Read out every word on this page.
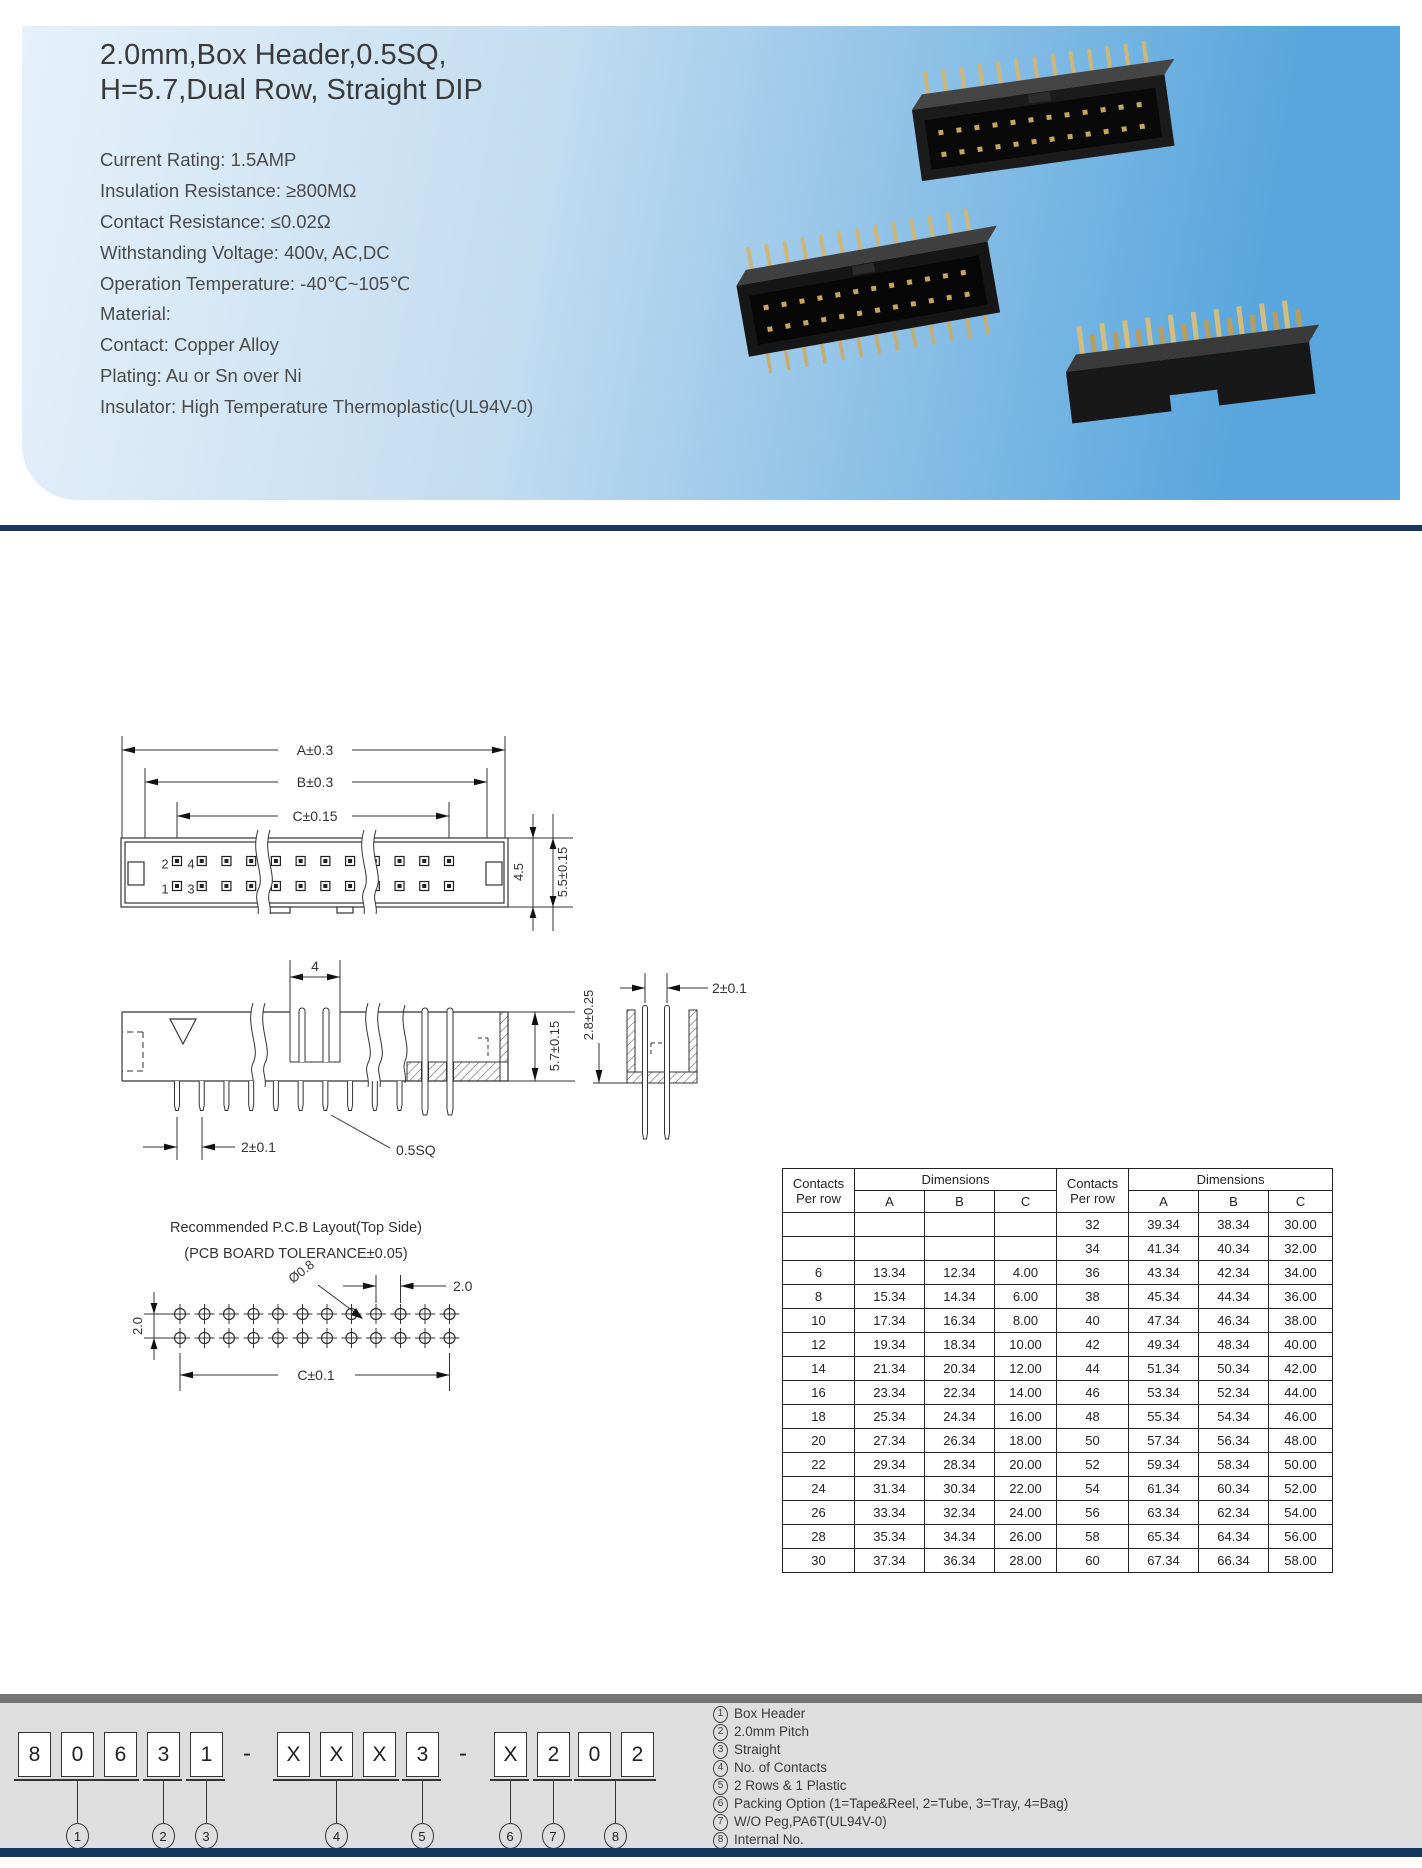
2.0mm,Box Header,0.5SQ,
H=5.7,Dual Row, Straight DIP
Current Rating: 1.5AMP
Insulation Resistance: ≥800MΩ
Contact Resistance: ≤0.02Ω
Withstanding Voltage: 400v, AC,DC
Operation Temperature: -40℃~105℃
Material:
Contact: Copper Alloy
Plating: Au or Sn over Ni
Insulator: High Temperature Thermoplastic(UL94V-0)
A±0.3
B±0.3
C±0.15
2 4
1 3
4.5 5.5±0.15
4
5.7±0.15
2±0.1	0.5SQ
2±0.1
2.8±0.25
Recommended P.C.B Layout(Top Side)
(PCB BOARD TOLERANCE±0.05)
2.0
Ø0.8	2.0
C±0.1
Contacts
Per row
	Dimensions	Contacts
Per row
	Dimensions
	A	B	C		A	B	C
				32	39.34	38.34	30.00
				34	41.34	40.34	32.00
6	13.34	12.34	4.00	36	43.34	42.34	34.00
8	15.34	14.34	6.00	38	45.34	44.34	36.00
10	17.34	16.34	8.00	40	47.34	46.34	38.00
12	19.34	18.34	10.00	42	49.34	48.34	40.00
14	21.34	20.34	12.00	44	51.34	50.34	42.00
16	23.34	22.34	14.00	46	53.34	52.34	44.00
18	25.34	24.34	16.00	48	55.34	54.34	46.00
20	27.34	26.34	18.00	50	57.34	56.34	48.00
22	29.34	28.34	20.00	52	59.34	58.34	50.00
24	31.34	30.34	22.00	54	61.34	60.34	52.00
26	33.34	32.34	24.00	56	63.34	62.34	54.00
28	35.34	34.34	26.00	58	65.34	64.34	56.00
30	37.34	36.34	28.00	60	67.34	66.34	58.00
8	0	6	3	1	-	X	X	X	3	-	X	2	0	2
1	2	3	4	5	6	7	8
1 Box Header
2 2.0mm Pitch
3 Straight
4 No. of Contacts
5 2 Rows & 1 Plastic
6 Packing Option (1=Tape&Reel, 2=Tube, 3=Tray, 4=Bag)
7 W/O Peg,PA6T(UL94V-0)
8 Internal No.
